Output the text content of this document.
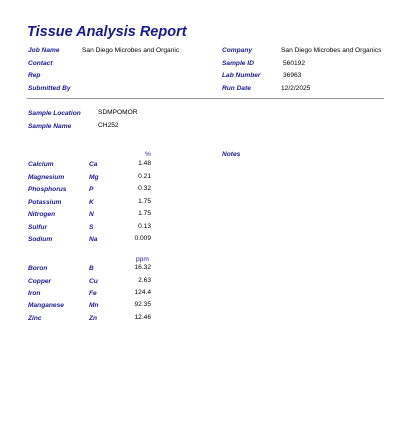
Tissue Analysis Report
Job Name	San Diego Microbes and Organic
Contact
Rep
Submitted By
Company	San Diego Microbes and Organics
Sample ID	560192
Lab Number	36963
Run Date	12/2/2025
Sample Location	SDMPOMOR
Sample Name	CH252
%	Notes
Calcium	Ca	1.48
Magnesium	Mg	0.21
Phosphorus	P	0.32
Potassium	K	1.75
Nitrogen	N	1.75
Sulfur	S	0.13
Sodium	Na	0.009
ppm
Boron	B	16.32
Copper	Cu	2.63
Iron	Fe	124.4
Manganese	Mn	92.35
Zinc	Zn	12.46
